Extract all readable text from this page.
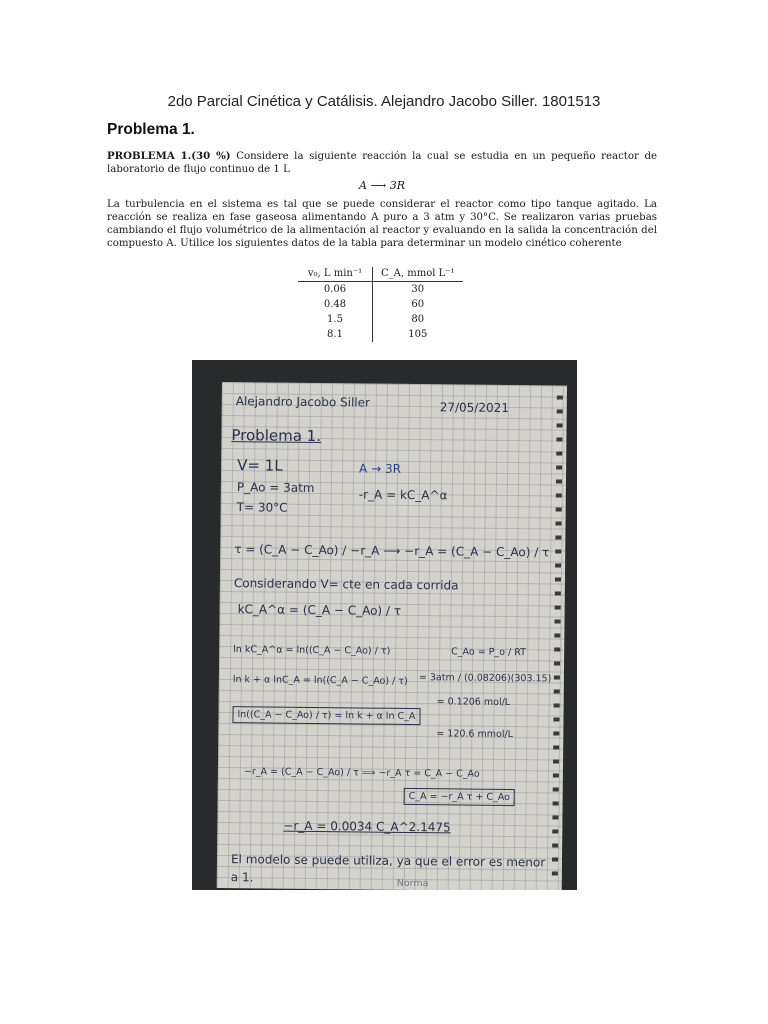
2do Parcial Cinética y Catálisis. Alejandro Jacobo Siller. 1801513
Problema 1.

PROBLEMA 1.(30 %) Considere la siguiente reacción la cual se estudia en un pequeño reactor de laboratorio de flujo continuo de 1 L

A ⟶ 3R

La turbulencia en el sistema es tal que se puede considerar el reactor como tipo tanque agitado. La reacción se realiza en fase gaseosa alimentando A puro a 3 atm y 30°C. Se realizaron varias pruebas cambiando el flujo volumétrico de la alimentación al reactor y evaluando en la salida la concentración del compuesto A. Utilice los siguientes datos de la tabla para determinar un modelo cinético coherente

v₀, L min⁻¹	C_A, mmol L⁻¹
0.06	30
0.48	60
1.5	80
8.1	105
Alejandro Jacobo Siller	27/05/2021
Problema 1.
V= 1L
P_Ao = 3atm
T= 30°C
A → 3R
-r_A = kC_A^α
τ = (C_A − C_Ao) / −r_A ⟶ −r_A = (C_A − C_Ao) / τ
Considerando V= cte en cada corrida
kC_A^α = (C_A − C_Ao) / τ
ln kC_A^α = ln((C_A − C_Ao) / τ)
ln k + α lnC_A = ln((C_A − C_Ao) / τ)
ln((C_A − C_Ao) / τ) = ln k + α ln C_A
C_Ao = P_o / RT
= 3atm / (0.08206)(303.15)
= 0.1206 mol/L
= 120.6 mmol/L
−r_A = (C_A − C_Ao) / τ ⟹ −r_A τ = C_A − C_Ao
C_A = −r_A τ + C_Ao
−r_A = 0.0034 C_A^2.1475
El modelo se puede utiliza, ya que el error es menor
a 1.	Norma
